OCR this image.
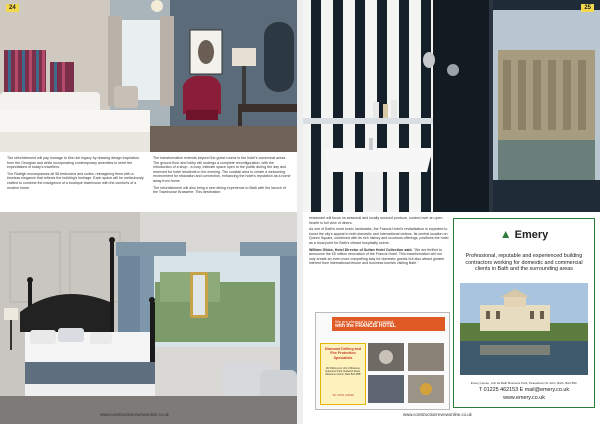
24

The refurbishment will pay homage to this rich legacy by drawing design inspiration from the Georgian and while incorporating contemporary amenities to meet the expectations of today's travellers.

The Raleigh encompasses all 98 bedrooms and suites, reimagining them with a timeless elegance that reflects the building's heritage. Each space will be meticulously crafted to combine the indulgence of a boutique townhouse with the comforts of a modern home.

The transformation extends beyond the guest rooms to the hotel's communal areas. The ground floor and lobby will undergo a complete reconfiguration, with the introduction of a shop - a cosy, intimate space open to the public during the day and reserved for hotel residents in the evening. The cocktail area to create a welcoming environment for relaxation and connection, enhancing the hotel's reputation as a home away from home.

The refurbishment will also bring a new dining experience to Bath with the launch of the Townhouse Brasserie. This destination

www.constructionreviewonline.co.uk
25

restaurant will focus on seasonal and locally sourced produce, cooked over an open hearth in full view of diners.

As one of Bath's most iconic landmarks, the Francis Hotel's revitalisation is expected to boost the city's appeal to both domestic and international visitors. Its central location on Queen Square, combined with its rich history and luxurious offerings, positions the hotel as a focal point for Bath's vibrant hospitality scene.

William Gibbs, Hotel Director of Sultan Hotel Collection said: "We are thrilled to announce the £5 million renovation of the Francis Hotel. This transformation will not only create an even more compelling stay for domestic guests but also attract greater interest from international leisure and business tourists visiting Bath."

We are pleased to be associated
with the FRANCIS HOTEL
Diamond Drilling and Fire Protection Specialists
MV Drilling Ltd, Unit 4 Midsomer Enterprise Park, Radstock Road, Midsomer Norton, Bath BA3 2BB
Tel: 01761 412048
▲ Emery
Professional, reputable and experienced building contractors working for domestic and commercial clients in Bath and the surrounding areas
Emery House, Unit 2a Bath Business Park, Peasedown St John, Bath, BA2 8SF
T 01225 462153 E mail@emery.co.uk
www.emery.co.uk
www.constructionreviewonline.co.uk
